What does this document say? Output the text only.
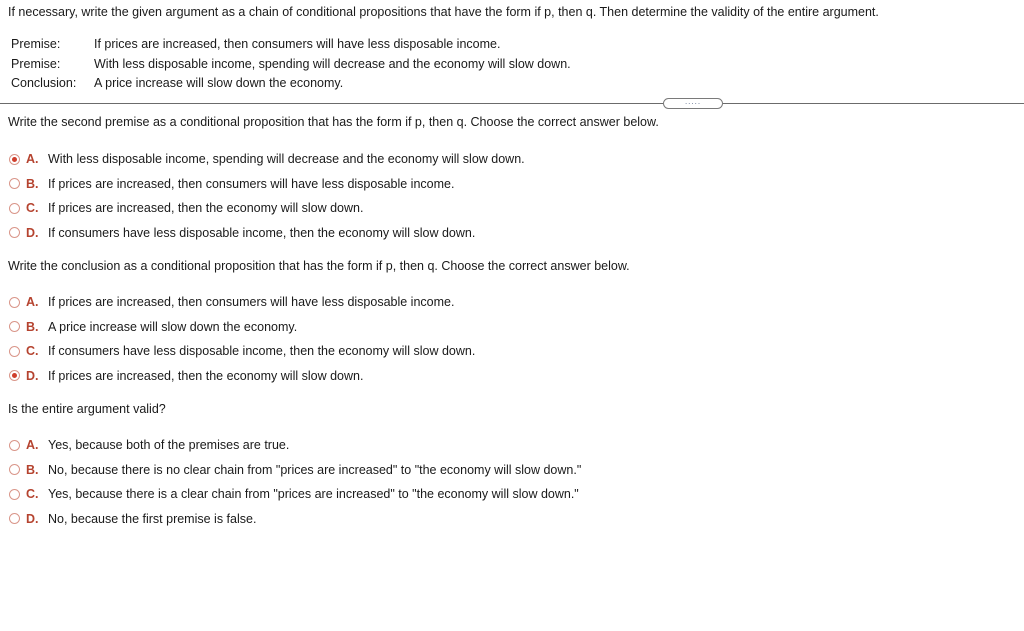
If necessary, write the given argument as a chain of conditional propositions that have the form if p, then q. Then determine the validity of the entire argument.
Premise:	If prices are increased, then consumers will have less disposable income.
Premise:	With less disposable income, spending will decrease and the economy will slow down.
Conclusion:	A price increase will slow down the economy.
.....
Write the second premise as a conditional proposition that has the form if p, then q. Choose the correct answer below.
A. With less disposable income, spending will decrease and the economy will slow down.
B. If prices are increased, then consumers will have less disposable income.
C. If prices are increased, then the economy will slow down.
D. If consumers have less disposable income, then the economy will slow down.
Write the conclusion as a conditional proposition that has the form if p, then q. Choose the correct answer below.
A. If prices are increased, then consumers will have less disposable income.
B. A price increase will slow down the economy.
C. If consumers have less disposable income, then the economy will slow down.
D. If prices are increased, then the economy will slow down.
Is the entire argument valid?
A. Yes, because both of the premises are true.
B. No, because there is no clear chain from "prices are increased" to "the economy will slow down."
C. Yes, because there is a clear chain from "prices are increased" to "the economy will slow down."
D. No, because the first premise is false.
